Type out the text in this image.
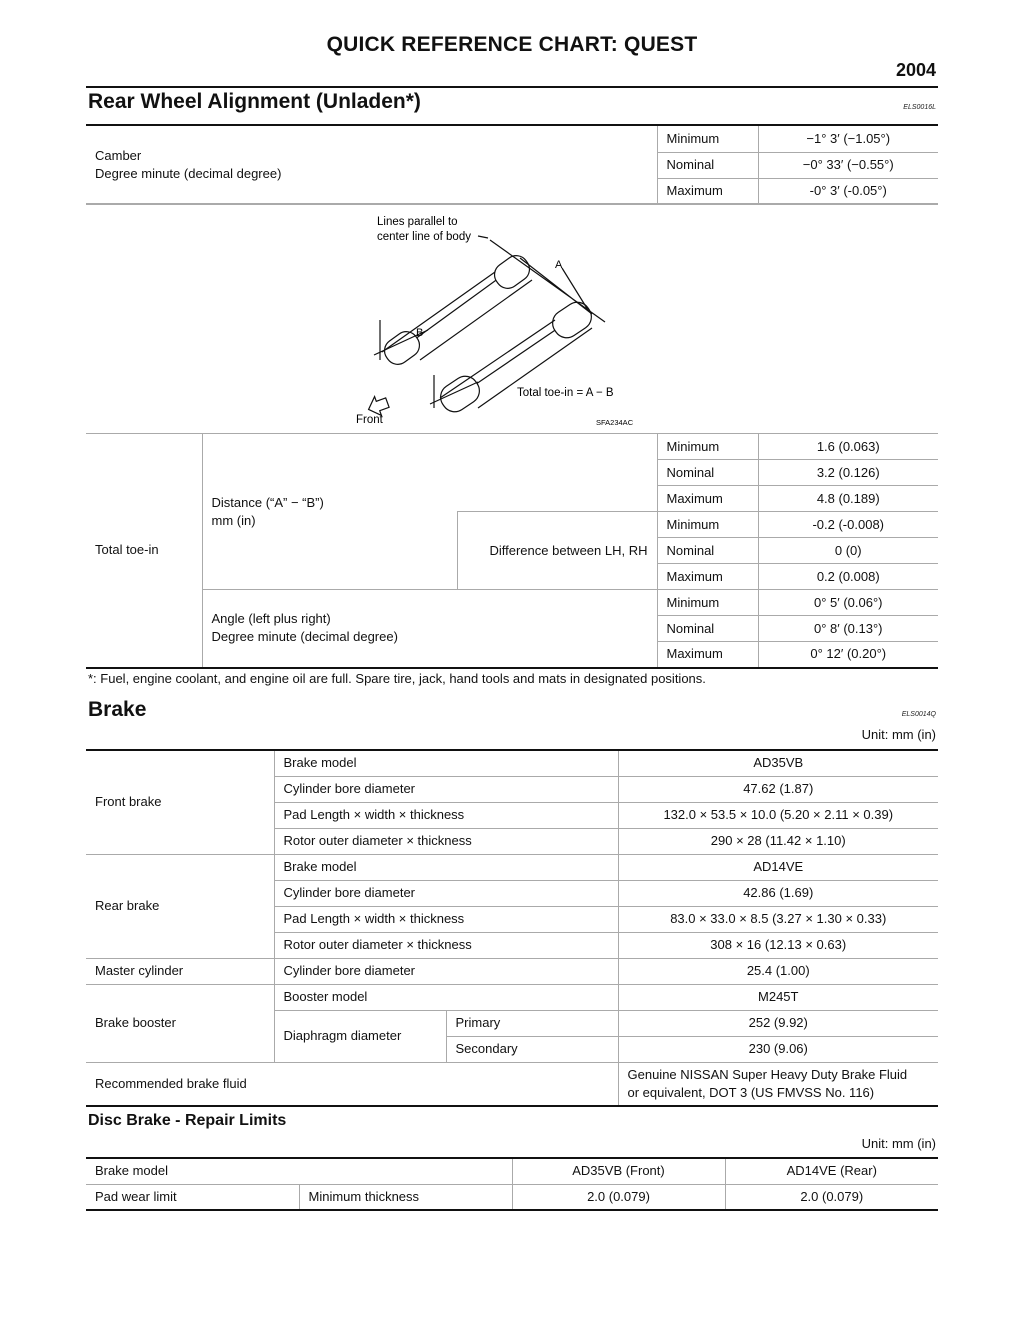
QUICK REFERENCE CHART: QUEST
2004
Rear Wheel Alignment (Unladen*)	ELS0016L
Camber
Degree minute (decimal degree)	Minimum	−1° 3′ (−1.05°)
	Nominal	−0° 33′ (−0.55°)
	Maximum	-0° 3′ (-0.05°)
Lines parallel to
center line of body
A
B
Total toe-in = A − B
Front	SFA234AC
Total toe-in	Distance (“A” − “B”)
mm (in)		Minimum	1.6 (0.063)
			Nominal	3.2 (0.126)
			Maximum	4.8 (0.189)
		Difference between LH, RH	Minimum	-0.2 (-0.008)
			Nominal	0 (0)
			Maximum	0.2 (0.008)

	Angle (left plus right)
Degree minute (decimal degree)		Minimum	0° 5′ (0.06°)
			Nominal	0° 8′ (0.13°)
			Maximum	0° 12′ (0.20°)
*: Fuel, engine coolant, and engine oil are full. Spare tire, jack, hand tools and mats in designated positions.
Brake	ELS0014Q
Unit: mm (in)
Front brake	Brake model		AD35VB
	Cylinder bore diameter		47.62 (1.87)
	Pad Length × width × thickness		132.0 × 53.5 × 10.0 (5.20 × 2.11 × 0.39)
	Rotor outer diameter × thickness		290 × 28 (11.42 × 1.10)
Rear brake	Brake model		AD14VE
	Cylinder bore diameter		42.86 (1.69)
	Pad Length × width × thickness		83.0 × 33.0 × 8.5 (3.27 × 1.30 × 0.33)
	Rotor outer diameter × thickness		308 × 16 (12.13 × 0.63)
Master cylinder	Cylinder bore diameter		25.4 (1.00)
Brake booster	Booster model		M245T
	Diaphragm diameter	Primary	252 (9.92)
		Secondary	230 (9.06)
Recommended brake fluid			Genuine NISSAN Super Heavy Duty Brake Fluid
or equivalent, DOT 3 (US FMVSS No. 116)
Disc Brake - Repair Limits
Unit: mm (in)
Brake model		AD35VB (Front)	AD14VE (Rear)
Pad wear limit	Minimum thickness	2.0 (0.079)	2.0 (0.079)
